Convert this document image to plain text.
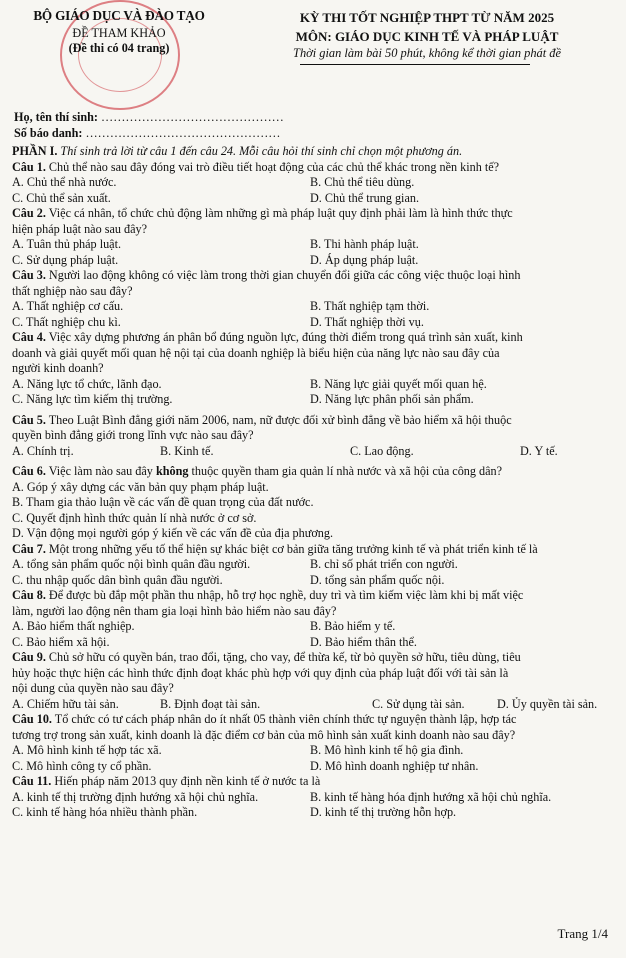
BỘ GIÁO DỤC VÀ ĐÀO TẠO
ĐỀ THAM KHẢO
(Đề thi có 04 trang)
KỲ THI TỐT NGHIỆP THPT TỪ NĂM 2025
MÔN: GIÁO DỤC KINH TẾ VÀ PHÁP LUẬT
Thời gian làm bài 50 phút, không kể thời gian phát đề
Họ, tên thí sinh: ………………………………………
Số báo danh: …………………………………………
PHẦN I. Thí sinh trả lời từ câu 1 đến câu 24. Mỗi câu hỏi thí sinh chỉ chọn một phương án.
Câu 1. Chủ thể nào sau đây đóng vai trò điều tiết hoạt động của các chủ thể khác trong nền kinh tế?
A. Chủ thể nhà nước.	B. Chủ thể tiêu dùng.
C. Chủ thể sản xuất.	D. Chủ thể trung gian.
Câu 2. Việc cá nhân, tổ chức chủ động làm những gì mà pháp luật quy định phải làm là hình thức thực
hiện pháp luật nào sau đây?
A. Tuân thủ pháp luật.	B. Thi hành pháp luật.
C. Sử dụng pháp luật.	D. Áp dụng pháp luật.
Câu 3. Người lao động không có việc làm trong thời gian chuyển đổi giữa các công việc thuộc loại hình
thất nghiệp nào sau đây?
A. Thất nghiệp cơ cấu.	B. Thất nghiệp tạm thời.
C. Thất nghiệp chu kì.	D. Thất nghiệp thời vụ.
Câu 4. Việc xây dựng phương án phân bổ đúng nguồn lực, đúng thời điểm trong quá trình sản xuất, kinh
doanh và giải quyết mối quan hệ nội tại của doanh nghiệp là biểu hiện của năng lực nào sau đây của
người kinh doanh?
A. Năng lực tổ chức, lãnh đạo.	B. Năng lực giải quyết mối quan hệ.
C. Năng lực tìm kiếm thị trường.	D. Năng lực phân phối sản phẩm.
Câu 5. Theo Luật Bình đẳng giới năm 2006, nam, nữ được đối xử bình đẳng về bảo hiểm xã hội thuộc
quyền bình đẳng giới trong lĩnh vực nào sau đây?
A. Chính trị.	B. Kinh tế.	C. Lao động.	D. Y tế.
Câu 6. Việc làm nào sau đây không thuộc quyền tham gia quản lí nhà nước và xã hội của công dân?
A. Góp ý xây dựng các văn bản quy phạm pháp luật.
B. Tham gia thảo luận về các vấn đề quan trọng của đất nước.
C. Quyết định hình thức quản lí nhà nước ở cơ sở.
D. Vận động mọi người góp ý kiến về các vấn đề của địa phương.
Câu 7. Một trong những yếu tố thể hiện sự khác biệt cơ bản giữa tăng trưởng kinh tế và phát triển kinh tế là
A. tổng sản phẩm quốc nội bình quân đầu người.	B. chỉ số phát triển con người.
C. thu nhập quốc dân bình quân đầu người.	D. tổng sản phẩm quốc nội.
Câu 8. Để được bù đắp một phần thu nhập, hỗ trợ học nghề, duy trì và tìm kiếm việc làm khi bị mất việc
làm, người lao động nên tham gia loại hình bảo hiểm nào sau đây?
A. Bảo hiểm thất nghiệp.	B. Bảo hiểm y tế.
C. Bảo hiểm xã hội.	D. Bảo hiểm thân thể.
Câu 9. Chủ sở hữu có quyền bán, trao đổi, tặng, cho vay, để thừa kế, từ bỏ quyền sở hữu, tiêu dùng, tiêu
hủy hoặc thực hiện các hình thức định đoạt khác phù hợp với quy định của pháp luật đối với tài sản là
nội dung của quyền nào sau đây?
A. Chiếm hữu tài sản.	B. Định đoạt tài sản.	C. Sử dụng tài sản.	D. Ủy quyền tài sản.
Câu 10. Tổ chức có tư cách pháp nhân do ít nhất 05 thành viên chính thức tự nguyện thành lập, hợp tác
tương trợ trong sản xuất, kinh doanh là đặc điểm cơ bản của mô hình sản xuất kinh doanh nào sau đây?
A. Mô hình kinh tế hợp tác xã.	B. Mô hình kinh tế hộ gia đình.
C. Mô hình công ty cổ phần.	D. Mô hình doanh nghiệp tư nhân.
Câu 11. Hiến pháp năm 2013 quy định nền kinh tế ở nước ta là
A. kinh tế thị trường định hướng xã hội chủ nghĩa.	B. kinh tế hàng hóa định hướng xã hội chủ nghĩa.
C. kinh tế hàng hóa nhiều thành phần.	D. kinh tế thị trường hỗn hợp.
Trang 1/4
